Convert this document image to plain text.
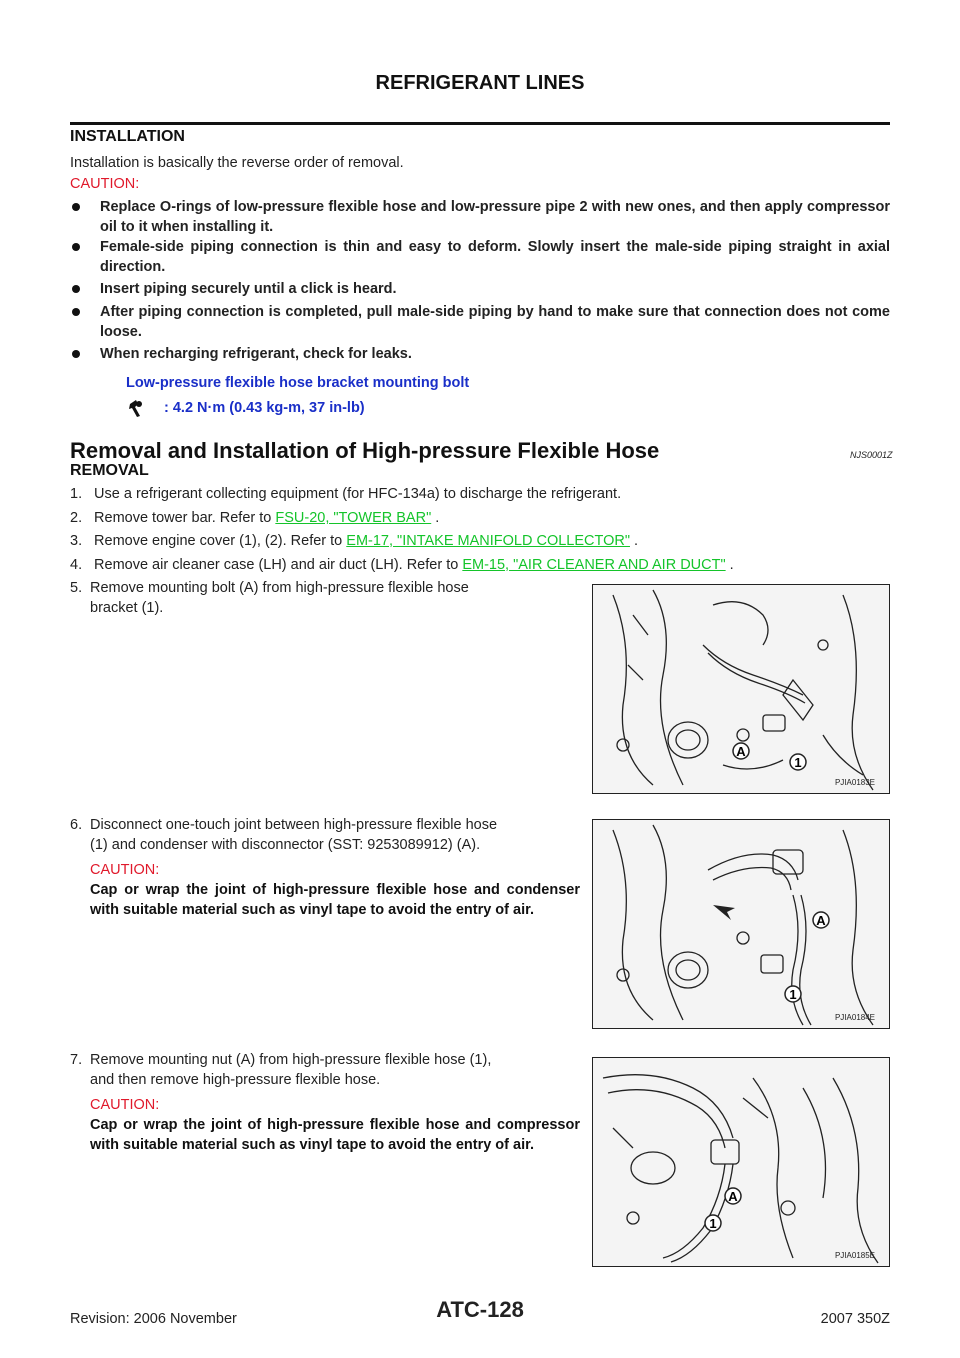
REFRIGERANT LINES
INSTALLATION
Installation is basically the reverse order of removal.
CAUTION:
Replace O-rings of low-pressure flexible hose and low-pressure pipe 2 with new ones, and then apply compressor oil to it when installing it.
Female-side piping connection is thin and easy to deform. Slowly insert the male-side piping straight in axial direction.
Insert piping securely until a click is heard.
After piping connection is completed, pull male-side piping by hand to make sure that connection does not come loose.
When recharging refrigerant, check for leaks.
Low-pressure flexible hose bracket mounting bolt
: 4.2 N·m (0.43 kg-m, 37 in-lb)
Removal and Installation of High-pressure Flexible Hose	NJS0001Z
REMOVAL
1. Use a refrigerant collecting equipment (for HFC-134a) to discharge the refrigerant.
2. Remove tower bar. Refer to FSU-20, "TOWER BAR" .
3. Remove engine cover (1), (2). Refer to EM-17, "INTAKE MANIFOLD COLLECTOR" .
4. Remove air cleaner case (LH) and air duct (LH). Refer to EM-15, "AIR CLEANER AND AIR DUCT" .
5. Remove mounting bolt (A) from high-pressure flexible hose
bracket (1).
6. Disconnect one-touch joint between high-pressure flexible hose
(1) and condenser with disconnector (SST: 9253089912) (A).
CAUTION:
Cap or wrap the joint of high-pressure flexible hose and condenser with suitable material such as vinyl tape to avoid the entry of air.
7. Remove mounting nut (A) from high-pressure flexible hose (1),
and then remove high-pressure flexible hose.
CAUTION:
Cap or wrap the joint of high-pressure flexible hose and compressor with suitable material such as vinyl tape to avoid the entry of air.
A
1
PJIA0183E
A
1
PJIA0184E
A
1
PJIA0185E
Revision: 2006 November	ATC-128	2007 350Z
